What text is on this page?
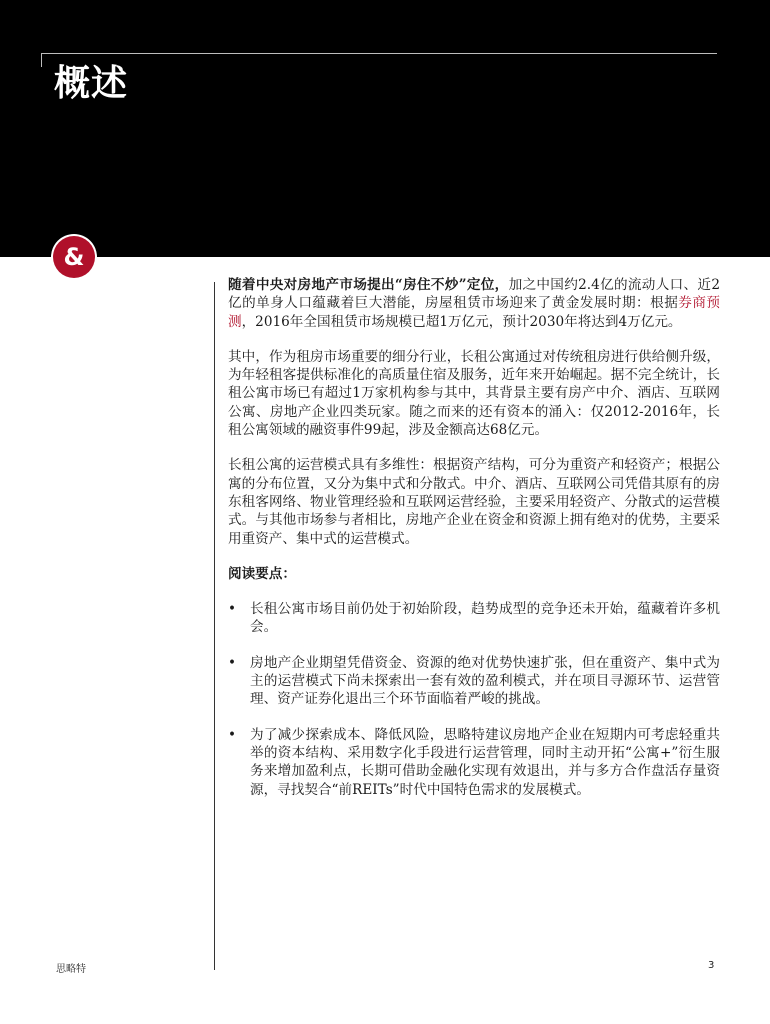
概述
&

随着中央对房地产市场提出“房住不炒”定位，加之中国约2.4亿的流动人口、近2亿的单身人口蕴藏着巨大潜能，房屋租赁市场迎来了黄金发展时期：根据券商预测，2016年全国租赁市场规模已超1万亿元，预计2030年将达到4万亿元。

其中，作为租房市场重要的细分行业，长租公寓通过对传统租房进行供给侧升级，为年轻租客提供标准化的高质量住宿及服务，近年来开始崛起。据不完全统计，长租公寓市场已有超过1万家机构参与其中，其背景主要有房产中介、酒店、互联网公寓、房地产企业四类玩家。随之而来的还有资本的涌入：仅2012-2016年，长租公寓领域的融资事件99起，涉及金额高达68亿元。

长租公寓的运营模式具有多维性：根据资产结构，可分为重资产和轻资产；根据公寓的分布位置，又分为集中式和分散式。中介、酒店、互联网公司凭借其原有的房东租客网络、物业管理经验和互联网运营经验，主要采用轻资产、分散式的运营模式。与其他市场参与者相比，房地产企业在资金和资源上拥有绝对的优势，主要采用重资产、集中式的运营模式。

阅读要点：

• 长租公寓市场目前仍处于初始阶段，趋势成型的竞争还未开始，蕴藏着许多机会。
• 房地产企业期望凭借资金、资源的绝对优势快速扩张，但在重资产、集中式为主的运营模式下尚未探索出一套有效的盈利模式，并在项目寻源环节、运营管理、资产证券化退出三个环节面临着严峻的挑战。
• 为了减少探索成本、降低风险，思略特建议房地产企业在短期内可考虑轻重共举的资本结构、采用数字化手段进行运营管理，同时主动开拓“公寓+”衍生服务来增加盈利点，长期可借助金融化实现有效退出，并与多方合作盘活存量资源，寻找契合“前REITs”时代中国特色需求的发展模式。
思略特	3
